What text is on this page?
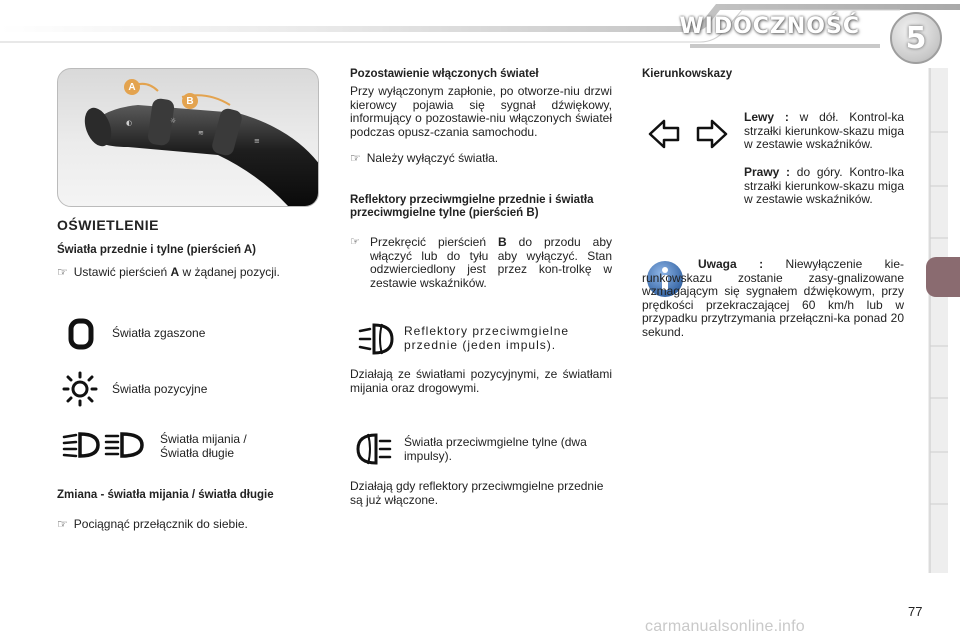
WIDOCZNOŚĆ	5
◐	☼
≋
≡
A
B
OŚWIETLENIE
Światła przednie i tylne (pierścień A)
☞ Ustawić pierścień A w żądanej pozycji.
Światła zgaszone
Światła pozycyjne
Światła mijania /
Światła długie
Zmiana - światła mijania / światła długie
☞ Pociągnąć przełącznik do siebie.
Pozostawienie włączonych świateł
Przy wyłączonym zapłonie, po otworze-niu drzwi kierowcy pojawia się sygnał dźwiękowy, informujący o pozostawie-niu włączonych świateł podczas opusz-czania samochodu.
☞ Należy wyłączyć światła.
Reflektory przeciwmgielne przednie i światła przeciwmgielne tylne (pierścień B)
☞ Przekręcić pierścień B do przodu aby włączyć lub do tyłu aby wyłączyć. Stan odzwierciedlony jest przez kon-trolkę w zestawie wskaźników.
Reflektory przeciwmgielne przednie (jeden impuls).
Działają ze światłami pozycyjnymi, ze światłami mijania oraz drogowymi.
Światła przeciwmgielne tylne (dwa impulsy).
Działają gdy reflektory przeciwmgielne przednie są już włączone.
Kierunkowskazy
Lewy : w dół. Kontrol-ka strzałki kierunkow-skazu miga w zestawie wskaźników.
Prawy : do góry. Kontro-lka strzałki kierunkow-skazu miga w zestawie wskaźników.
Uwaga : Niewyłączenie kie-runkowskazu zostanie zasy-gnalizowane wzmagającym się sygnałem dźwiękowym, przy prędkości przekraczającej 60 km/h lub w przypadku przytrzymania przełączni-ka ponad 20 sekund.
77
carmanualsonline.info
